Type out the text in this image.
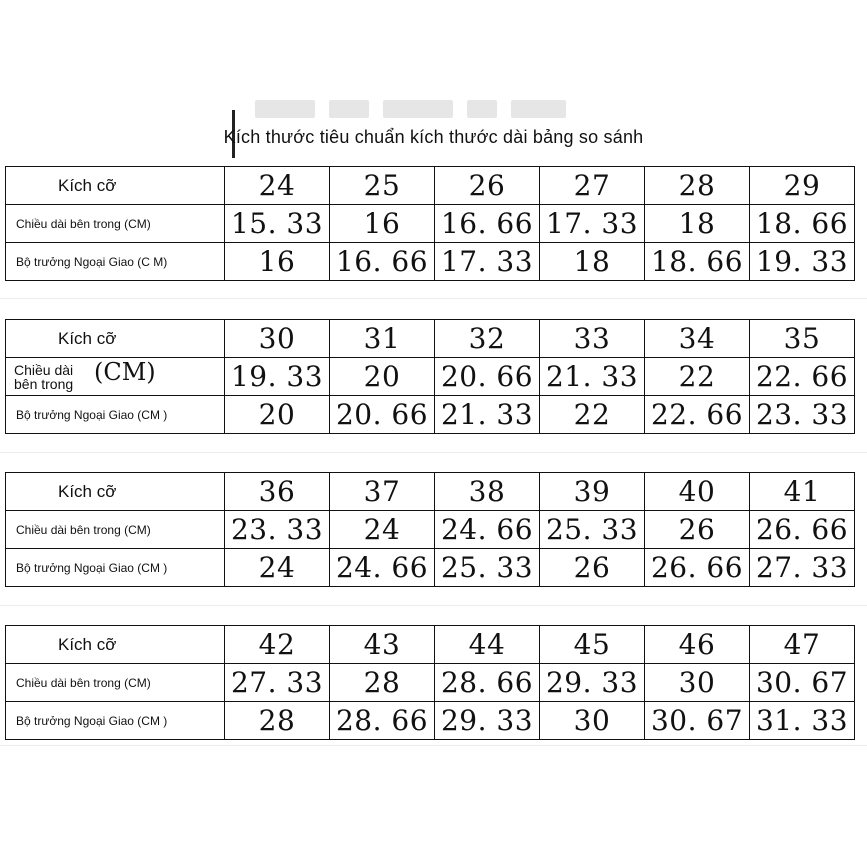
Kích thước tiêu chuẩn kích thước dài bảng so sánh
Kích cỡ	24	25	26	27	28	29
Chiều dài bên trong (CM)	15. 33	16	16. 66	17. 33	18	18. 66
Bộ trưởng Ngoại Giao (C M)	16	16. 66	17. 33	18	18. 66	19. 33
Kích cỡ	30	31	32	33	34	35
Chiều dài bên trong (CM)	19. 33	20	20. 66	21. 33	22	22. 66
Bộ trưởng Ngoại Giao (CM )	20	20. 66	21. 33	22	22. 66	23. 33
Kích cỡ	36	37	38	39	40	41
Chiều dài bên trong (CM)	23. 33	24	24. 66	25. 33	26	26. 66
Bộ trưởng Ngoại Giao (CM )	24	24. 66	25. 33	26	26. 66	27. 33
Kích cỡ	42	43	44	45	46	47
Chiều dài bên trong (CM)	27. 33	28	28. 66	29. 33	30	30. 67
Bộ trưởng Ngoại Giao (CM )	28	28. 66	29. 33	30	30. 67	31. 33
